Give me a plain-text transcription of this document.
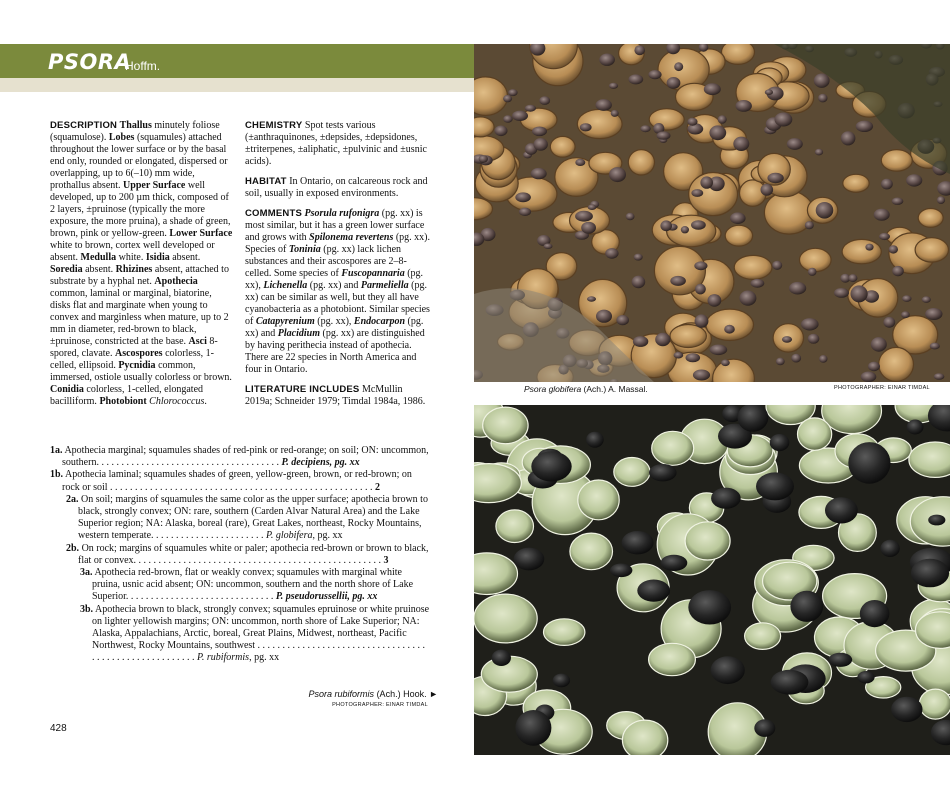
PSORA
Hoffm.

DESCRIPTION Thallus minutely foliose (squamulose). Lobes (squamules) attached throughout the lower surface or by the basal end only, rounded or elongated, dispersed or overlapping, up to 6(–10) mm wide, prothallus absent. Upper Surface well developed, up to 200 µm thick, composed of 2 layers, ±pruinose (typically the more exposure, the more pruina), a shade of green, brown, pink or yellow-green. Lower Surface white to brown, cortex well developed or absent. Medulla white. Isidia absent. Soredia absent. Rhizines absent, attached to substrate by a hyphal net. Apothecia common, laminal or marginal, biatorine, disks flat and marginate when young to convex and marginless when mature, up to 2 mm in diameter, red-brown to black, ±pruinose, constricted at the base. Asci 8-spored, clavate. Ascospores colorless, 1-celled, ellipsoid. Pycnidia common, immersed, ostiole usually colorless or brown. Conidia colorless, 1-celled, elongated bacilliform. Photobiont Chlorococcus.

CHEMISTRY Spot tests various (±anthraquinones, ±depsides, ±depsidones, ±triterpenes, ±aliphatic, ±pulvinic and ±usnic acids).

HABITAT In Ontario, on calcareous rock and soil, usually in exposed environments.

COMMENTS Psorula rufonigra (pg. xx) is most similar, but it has a green lower surface and grows with Spilonema revertens (pg. xx). Species of Toninia (pg. xx) lack lichen substances and their ascospores are 2–8-celled. Some species of Fuscopannaria (pg. xx), Lichenella (pg. xx) and Parmeliella (pg. xx) can be similar as well, but they all have cyanobacteria as a photobiont. Similar species of Catapyrenium (pg. xx), Endocarpon (pg. xx) and Placidium (pg. xx) are distinguished by having perithecia instead of apothecia. There are 22 species in North America and four in Ontario.

LITERATURE INCLUDES McMullin 2019a; Schneider 1979; Timdal 1984a, 1986.

1a. Apothecia marginal; squamules shades of red-pink or red-orange; on soil; ON: uncommon, southern. . . . . . . . . . . . . . . . . . . . . . . . . . . . . . . . . . . . . P. decipiens, pg. xx
1b. Apothecia laminal; squamules shades of green, yellow-green, brown, or red-brown; on rock or soil . . . . . . . . . . . . . . . . . . . . . . . . . . . . . . . . . . . . . . . . . . . . . . . . . . . . . 2
2a. On soil; margins of squamules the same color as the upper surface; apothecia brown to black, strongly convex; ON: rare, southern (Carden Alvar Natural Area) and the Lake Superior region; NA: Alaska, boreal (rare), Great Lakes, northeast, Rocky Mountains, western temperate. . . . . . . . . . . . . . . . . . . . . . . P. globifera, pg. xx
2b. On rock; margins of squamules white or paler; apothecia red-brown or brown to black, flat or convex. . . . . . . . . . . . . . . . . . . . . . . . . . . . . . . . . . . . . . . . . . . . . . . . . . 3
3a. Apothecia red-brown, flat or weakly convex; squamules with marginal white pruina, usnic acid absent; ON: uncommon, southern and the north shore of Lake Superior. . . . . . . . . . . . . . . . . . . . . . . . . . . . . . P. pseudorussellii, pg. xx
3b. Apothecia brown to black, strongly convex; squamules epruinose or white pruinose on lighter yellowish margins; ON: uncommon, north shore of Lake Superior; NA: Alaska, Appalachians, Arctic, boreal, Great Plains, Midwest, northeast, Pacific Northwest, Rocky Mountains, southwest . . . . . . . . . . . . . . . . . . . . . . . . . . . . . . . . . . . . . . . . . . . . . . . . . . . . . . . P. rubiformis, pg. xx
Psora rubiformis (Ach.) Hook. ►
PHOTOGRAPHER: EINAR TIMDAL
428
Psora globifera (Ach.) A. Massal.	PHOTOGRAPHER: EINAR TIMDAL
